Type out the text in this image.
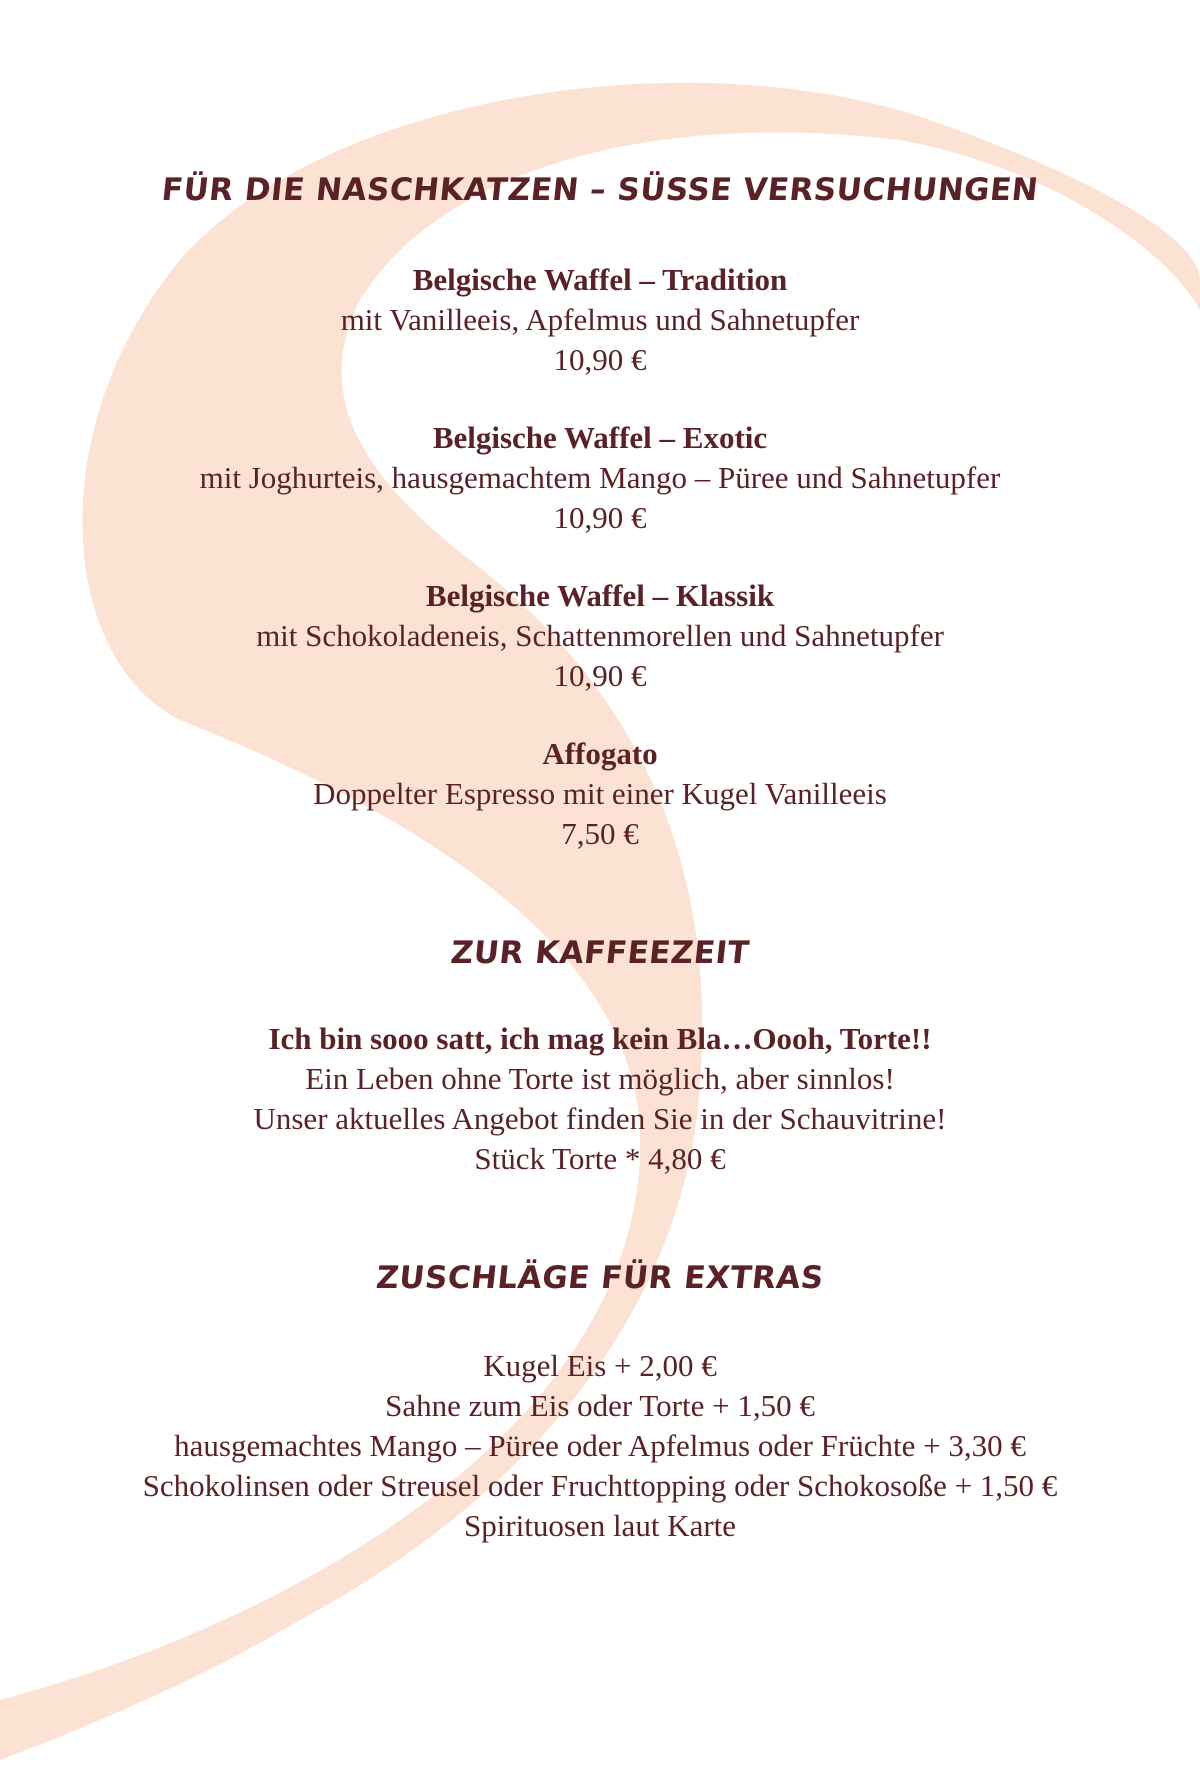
FÜR DIE NASCHKATZEN – SÜSSE VERSUCHUNGEN
Belgische Waffel – Tradition
mit Vanilleeis, Apfelmus und Sahnetupfer
10,90 €
Belgische Waffel – Exotic
mit Joghurteis, hausgemachtem Mango – Püree und Sahnetupfer
10,90 €
Belgische Waffel – Klassik
mit Schokoladeneis, Schattenmorellen und Sahnetupfer
10,90 €
Affogato
Doppelter Espresso mit einer Kugel Vanilleeis
7,50 €
ZUR KAFFEEZEIT
Ich bin sooo satt, ich mag kein Bla…Oooh, Torte!!
Ein Leben ohne Torte ist möglich, aber sinnlos!
Unser aktuelles Angebot finden Sie in der Schauvitrine!
Stück Torte * 4,80 €
ZUSCHLÄGE FÜR EXTRAS
Kugel Eis + 2,00 €
Sahne zum Eis oder Torte + 1,50 €
hausgemachtes Mango – Püree oder Apfelmus oder Früchte + 3,30 €
Schokolinsen oder Streusel oder Fruchttopping oder Schokosoße + 1,50 €
Spirituosen laut Karte
